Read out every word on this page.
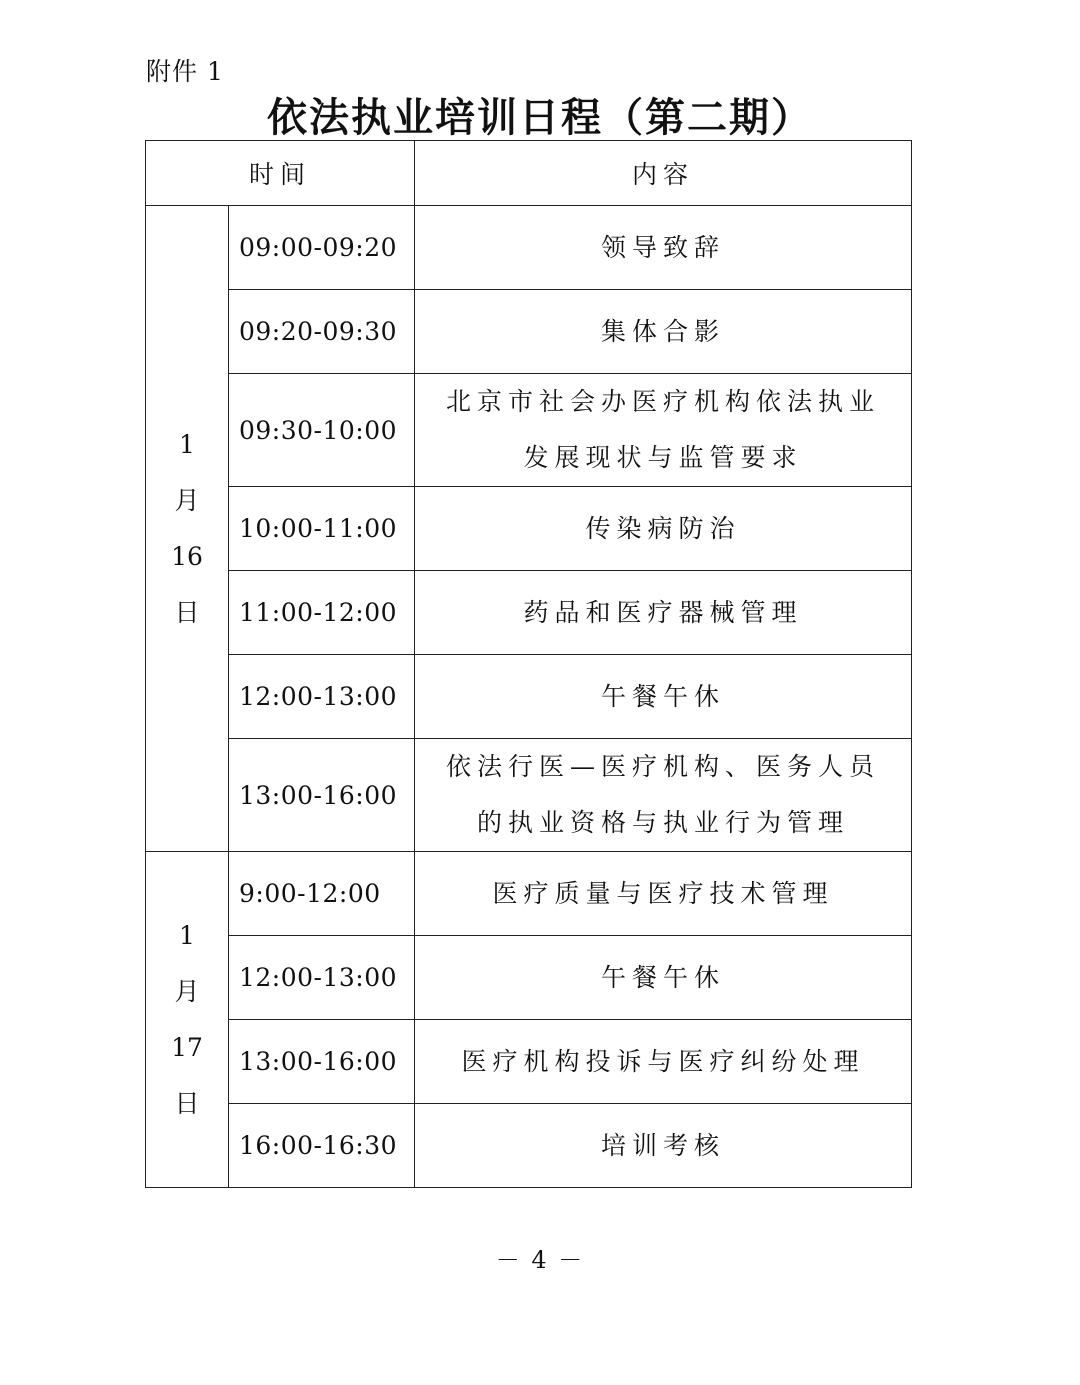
附件 1
依法执业培训日程（第二期）
时间		内容
1 月 16 日	09:00-09:20	领导致辞
	09:20-09:30	集体合影
	09:30-10:00	北京市社会办医疗机构依法执业发展现状与监管要求
	10:00-11:00	传染病防治
	11:00-12:00	药品和医疗器械管理
	12:00-13:00	午餐午休
	13:00-16:00	依法行医—医疗机构、医务人员的执业资格与执业行为管理
1 月 17 日	9:00-12:00	医疗质量与医疗技术管理
	12:00-13:00	午餐午休
	13:00-16:00	医疗机构投诉与医疗纠纷处理
	16:00-16:30	培训考核
－ 4 －
